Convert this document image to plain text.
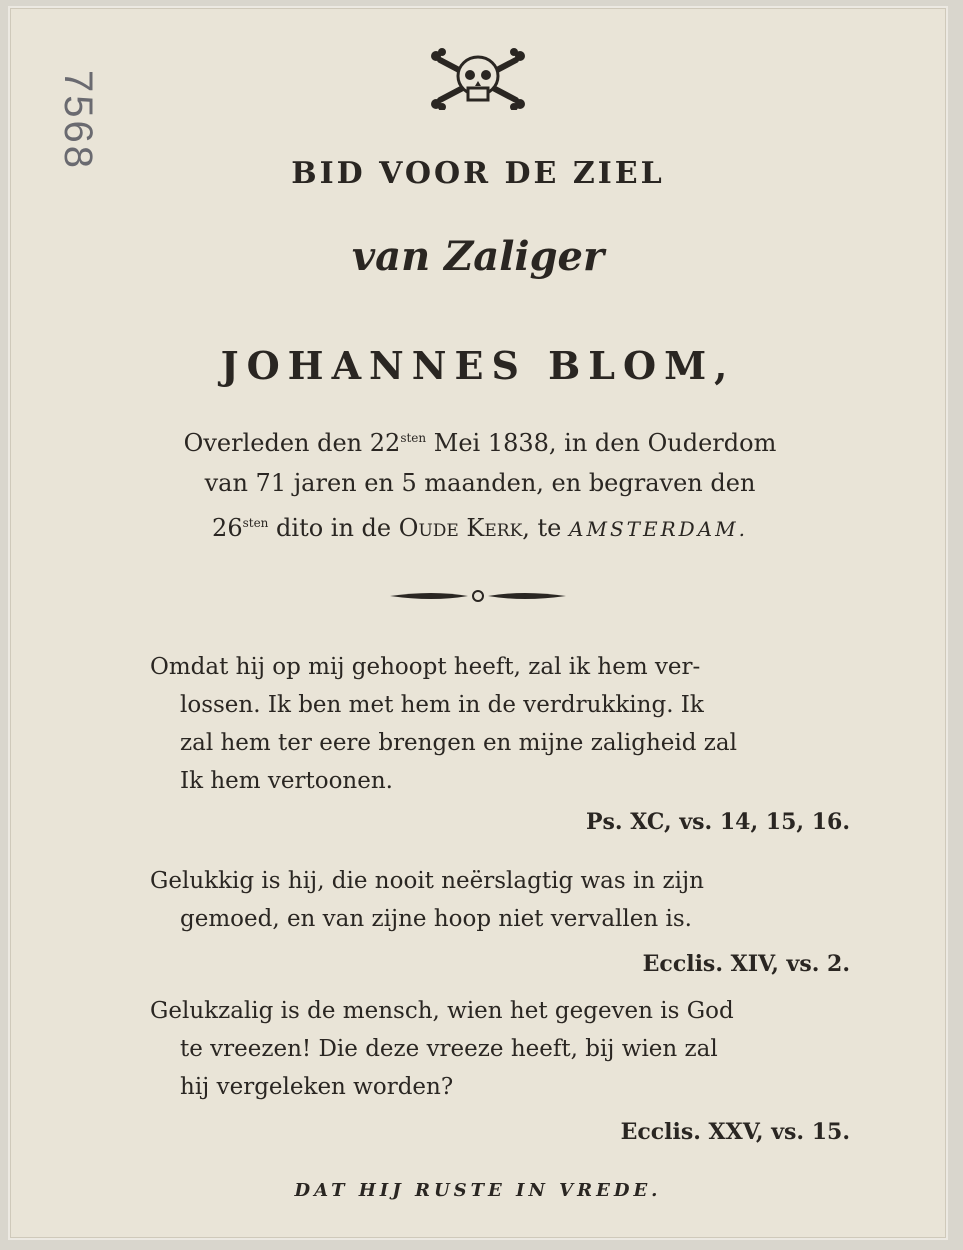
7568
BID VOOR DE ZIEL
van Zaliger
JOHANNES BLOM,

Overleden den $22^{sten}$ Mei 1838, in den Ouderdom

van 71 jaren en 5 maanden, en begraven den

$26^{sten}$ dito in de Oude Kerk, te AMSTERDAM.

Omdat hij op mij gehoopt heeft, zal ik hem ver-

lossen. Ik ben met hem in de verdrukking. Ik

zal hem ter eere brengen en mijne zaligheid zal

Ik hem vertoonen.

Ps. XC, vs. 14, 15, 16.

Gelukkig is hij, die nooit neërslagtig was in zijn

gemoed, en van zijne hoop niet vervallen is.

Ecclis. XIV, vs. 2.

Gelukzalig is de mensch, wien het gegeven is God

te vreezen! Die deze vreeze heeft, bij wien zal

hij vergeleken worden?

Ecclis. XXV, vs. 15.
DAT HIJ RUSTE IN VREDE.
